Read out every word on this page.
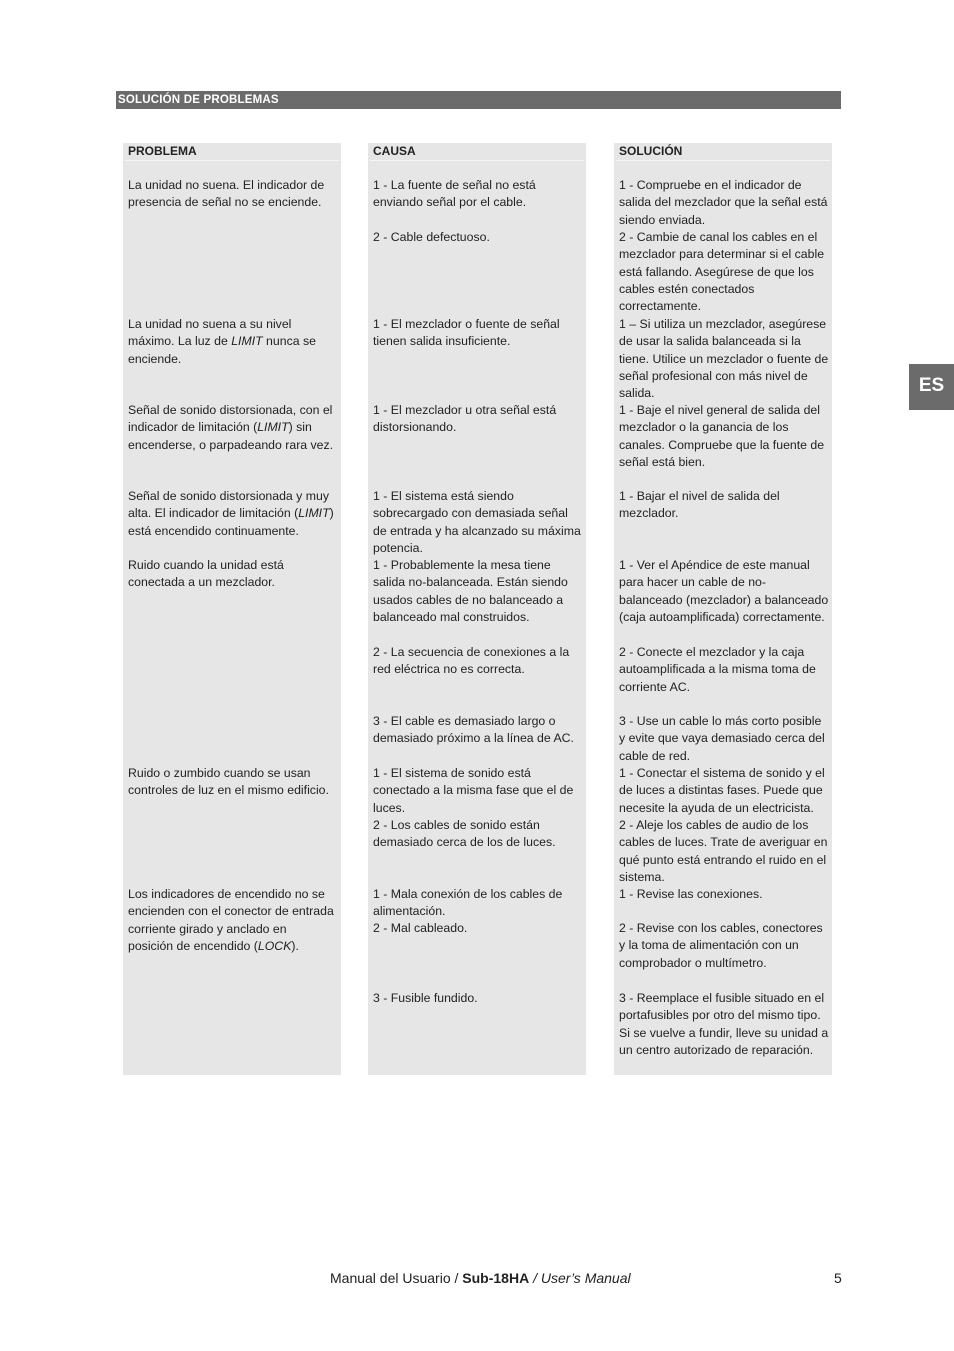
SOLUCIÓN DE PROBLEMAS
PROBLEMA
La unidad no suena. El indicador de presencia de señal no se enciende.
La unidad no suena a su nivel
máximo. La luz de LIMIT nunca se
enciende.
Señal de sonido distorsionada, con el
indicador de limitación (LIMIT) sin
encenderse, o parpadeando rara vez.
Señal de sonido distorsionada y muy
alta. El indicador de limitación (LIMIT)
está encendido continuamente.
Ruido cuando la unidad está conectada a un mezclador.
Ruido o zumbido cuando se usan controles de luz en el mismo edificio.
Los indicadores de encendido no se
encienden con el conector de entrada
corriente girado y anclado en
posición de encendido (LOCK).
CAUSA
1 - La fuente de señal no está enviando señal por el cable.
2 - Cable defectuoso.
1 - El mezclador o fuente de señal tienen salida insuficiente.
1 - El mezclador u otra señal está distorsionando.
1 - El sistema está siendo sobrecargado con demasiada señal de entrada y ha alcanzado su máxima potencia.
1 - Probablemente la mesa tiene salida no-balanceada. Están siendo usados cables de no balanceado a balanceado mal construidos.
2 - La secuencia de conexiones a la red eléctrica no es correcta.
3 - El cable es demasiado largo o demasiado próximo a la línea de AC.
1 - El sistema de sonido está conectado a la misma fase que el de luces.
2 - Los cables de sonido están demasiado cerca de los de luces.
1 - Mala conexión de los cables de alimentación.
2 - Mal cableado.
3 - Fusible fundido.
SOLUCIÓN
1 - Compruebe en el indicador de salida del mezclador que la señal está siendo enviada.
2 - Cambie de canal los cables en el mezclador para determinar si el cable está fallando. Asegúrese de que los cables estén conectados correctamente.
1 – Si utiliza un mezclador, asegúrese de usar la salida balanceada si la tiene. Utilice un mezclador o fuente de señal profesional con más nivel de salida.
1 - Baje el nivel general de salida del mezclador o la ganancia de los canales. Compruebe que la fuente de señal está bien.
1 - Bajar el nivel de salida del mezclador.
1 - Ver el Apéndice de este manual para hacer un cable de no-balanceado (mezclador) a balanceado (caja autoamplificada) correctamente.
2 - Conecte el mezclador y la caja autoamplificada a la misma toma de corriente AC.
3 - Use un cable lo más corto posible y evite que vaya demasiado cerca del cable de red.
1 - Conectar el sistema de sonido y el de luces a distintas fases. Puede que necesite la ayuda de un electricista.
2 - Aleje los cables de audio de los cables de luces. Trate de averiguar en qué punto está entrando el ruido en el sistema.
1 - Revise las conexiones.
2 - Revise con los cables, conectores y la toma de alimentación con un comprobador o multímetro.
3 - Reemplace el fusible situado en el portafusibles por otro del mismo tipo. Si se vuelve a fundir, lleve su unidad a un centro autorizado de reparación.
ES
Manual del Usuario / Sub-18HA / User’s Manual	5
